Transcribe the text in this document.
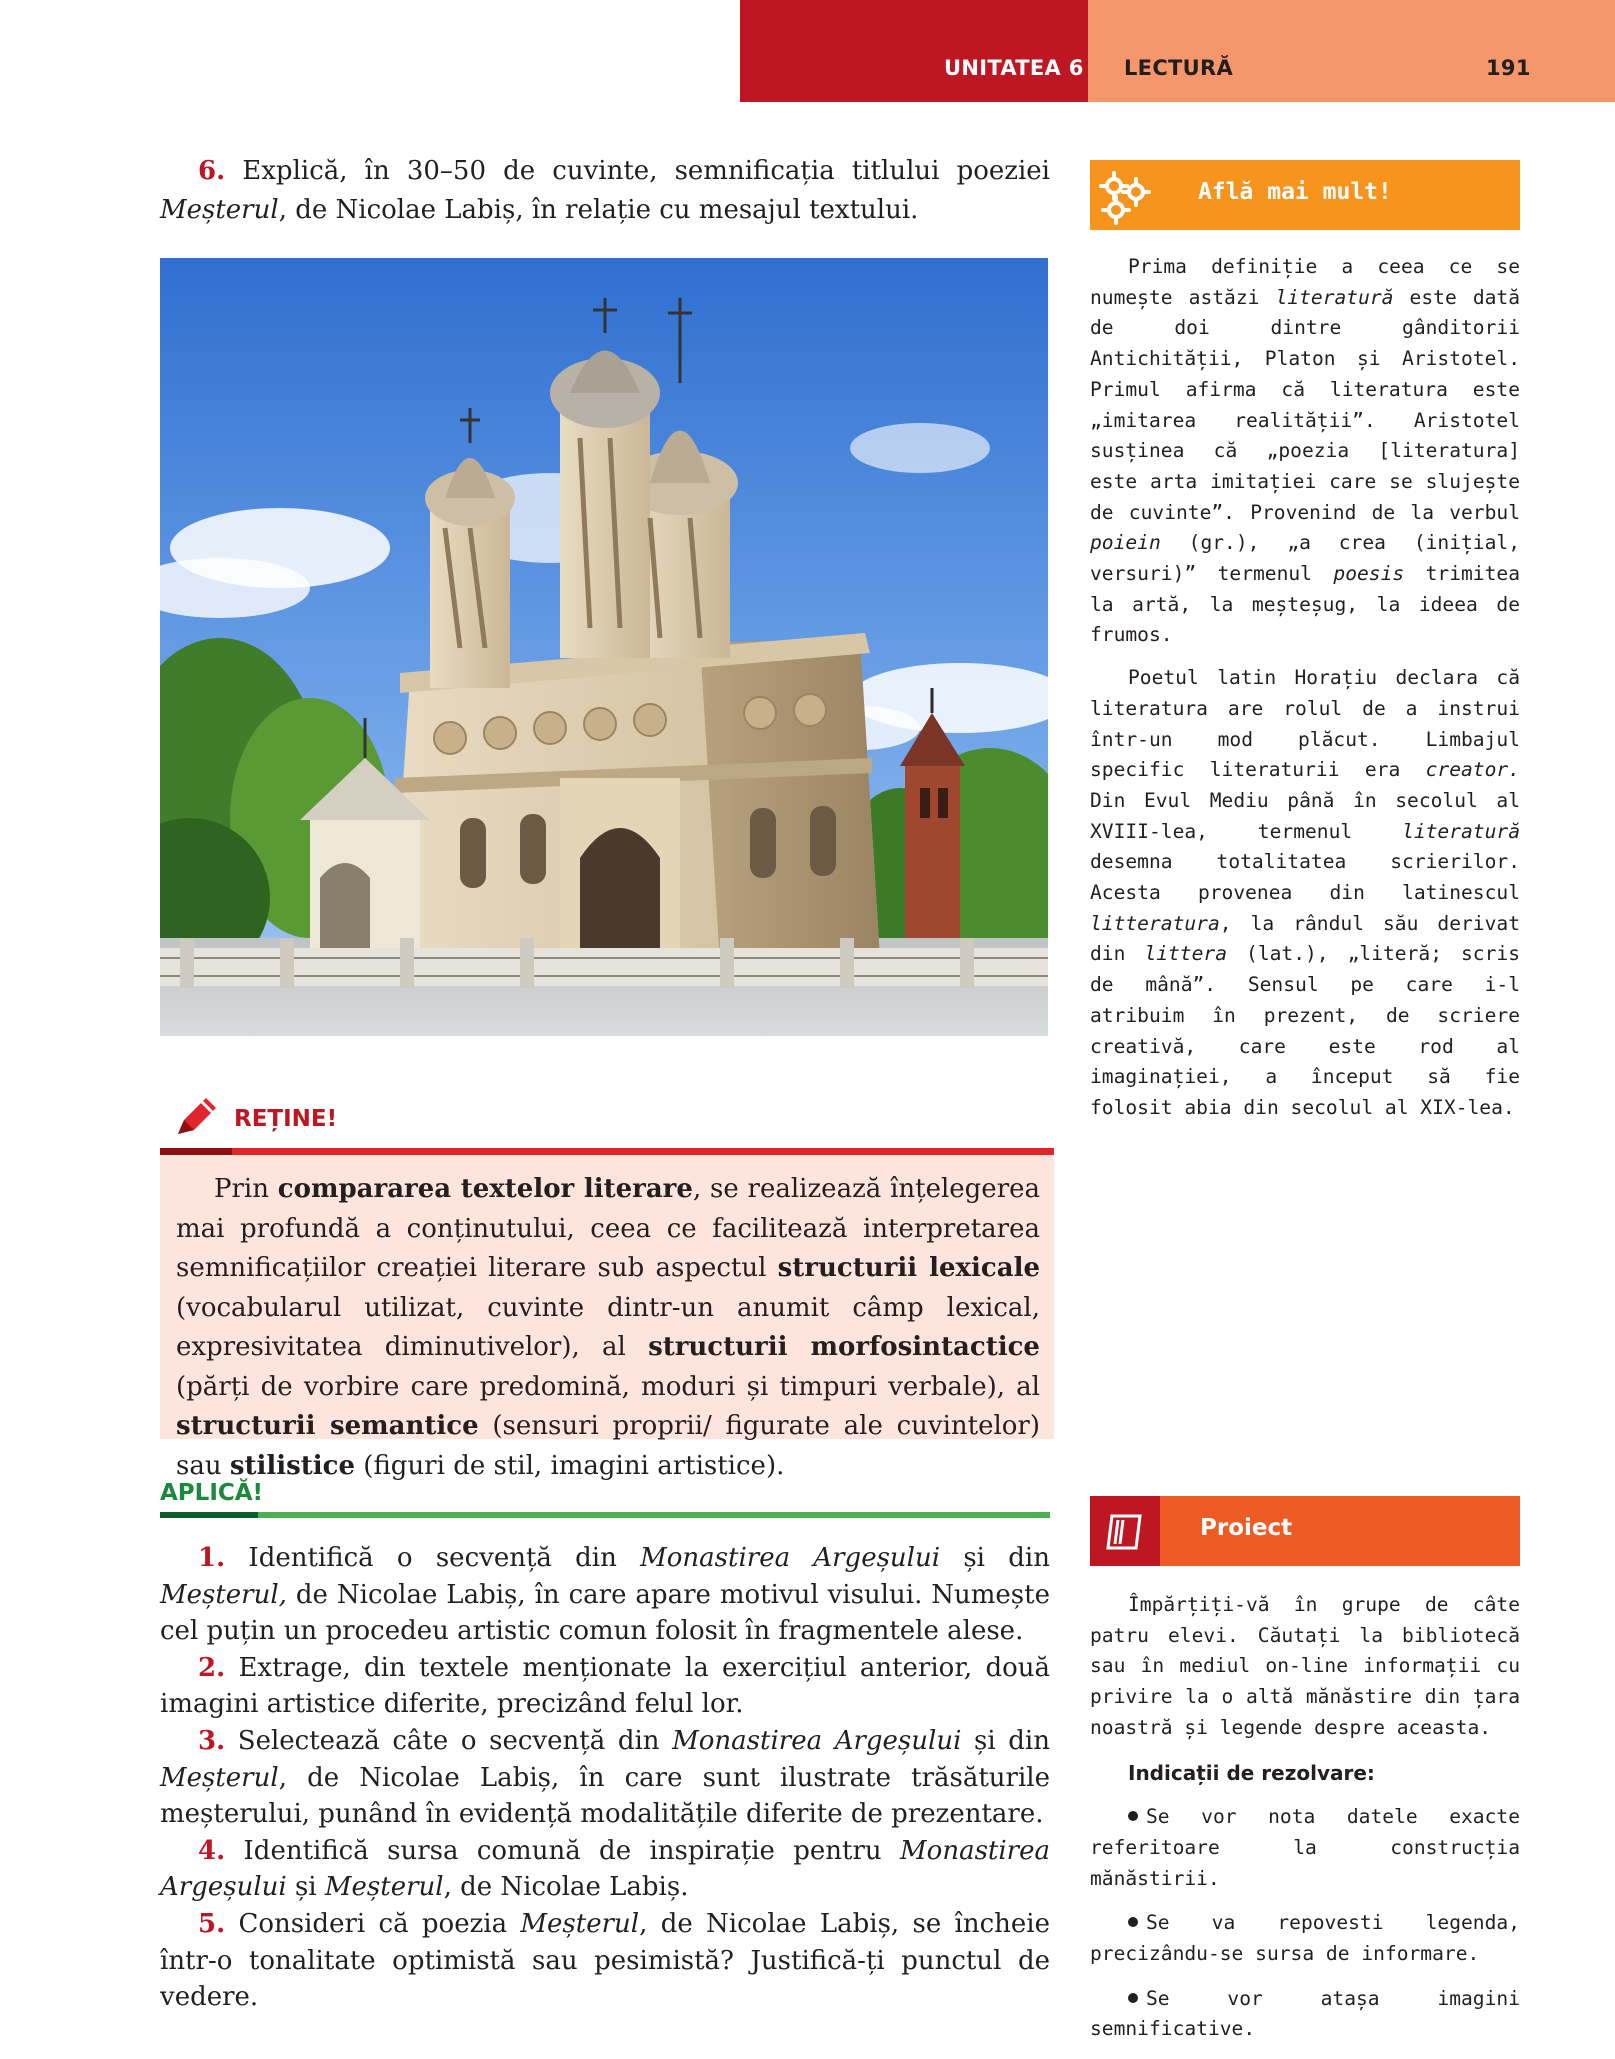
UNITATEA 6 LECTURĂ	191
6. Explică, în 30–50 de cuvinte, semnificația titlului poeziei Meșterul, de Nicolae Labiș, în relație cu mesajul textului.
Află mai mult!

Prima definiție a ceea ce se numește astăzi literatură este dată de doi dintre gânditorii Antichității, Platon și Aristotel. Primul afirma că literatura este „imitarea realității”. Aristotel susținea că „poezia [literatura] este arta imitației care se slujește de cuvinte”. Provenind de la verbul poiein (gr.), „a crea (inițial, versuri)” termenul poesis trimitea la artă, la meșteșug, la ideea de frumos.

Poetul latin Horațiu declara că literatura are rolul de a instrui într-un mod plăcut. Limbajul specific literaturii era creator. Din Evul Mediu până în secolul al XVIII-lea, termenul literatură desemna totalitatea scrierilor. Acesta provenea din latinescul litteratura, la rândul său derivat din littera (lat.), „literă; scris de mână”. Sensul pe care i-l atribuim în prezent, de scriere creativă, care este rod al imaginației, a început să fie folosit abia din secolul al XIX-lea.

REȚINE!
Prin compararea textelor literare, se realizează înțelegerea mai profundă a conținutului, ceea ce facilitează interpretarea semnificațiilor creației literare sub aspectul structurii lexicale (vocabularul utilizat, cuvinte dintr-un anumit câmp lexical, expresivitatea diminutivelor), al structurii morfosintactice (părți de vorbire care predomină, moduri și timpuri verbale), al structurii semantice (sensuri proprii/ figurate ale cuvintelor) sau stilistice (figuri de stil, imagini artistice).
APLICĂ!

1. Identifică o secvență din Monastirea Argeșului și din Meșterul, de Nicolae Labiș, în care apare motivul visului. Numește cel puțin un procedeu artistic comun folosit în fragmentele alese.

2. Extrage, din textele menționate la exercițiul anterior, două imagini artistice diferite, precizând felul lor.

3. Selectează câte o secvență din Monastirea Argeșului și din Meșterul, de Nicolae Labiș, în care sunt ilustrate trăsăturile meșterului, punând în evidență modalitățile diferite de prezentare.

4. Identifică sursa comună de inspirație pentru Monastirea Argeșului și Meșterul, de Nicolae Labiș.

5. Consideri că poezia Meșterul, de Nicolae Labiș, se încheie într-o tonalitate optimistă sau pesimistă? Justifică-ți punctul de vedere.

Proiect

Împărțiți-vă în grupe de câte patru elevi. Căutați la bibliotecă sau în mediul on-line informații cu privire la o altă mănăstire din țara noastră și legende despre aceasta.

Indicații de rezolvare:

Se vor nota datele exacte referitoare la construcția mănăstirii.

Se va repovesti legenda, precizându-se sursa de informare.

Se vor atașa imagini semnificative.
